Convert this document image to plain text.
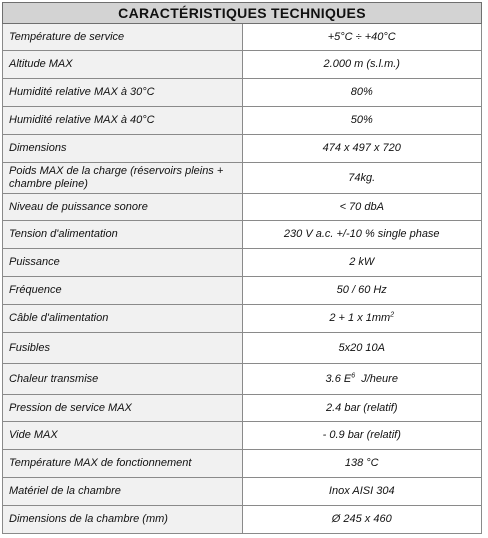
CARACTÉRISTIQUES TECHNIQUES	
Température de service	+5°C ÷ +40°C
Altitude MAX	2.000 m (s.l.m.)
Humidité relative MAX à 30°C	80%
Humidité relative MAX à 40°C	50%
Dimensions	474 x 497 x 720
Poids MAX de la charge (réservoirs pleins + chambre pleine)	74kg.
Niveau de puissance sonore	< 70 dbA
Tension d'alimentation	230 V a.c. +/-10 % single phase
Puissance	2 kW
Fréquence	50 / 60 Hz
Câble d'alimentation	2 + 1 x $1mm^2$
Fusibles	5x20 10A
Chaleur transmise	3.6 $E^6$  J/heure
Pression de service MAX	2.4 bar (relatif)
Vide MAX	- 0.9 bar (relatif)
Température MAX de fonctionnement	138 °C
Matériel de la chambre	Inox AISI 304
Dimensions de la chambre (mm)	Ø 245 x 460
